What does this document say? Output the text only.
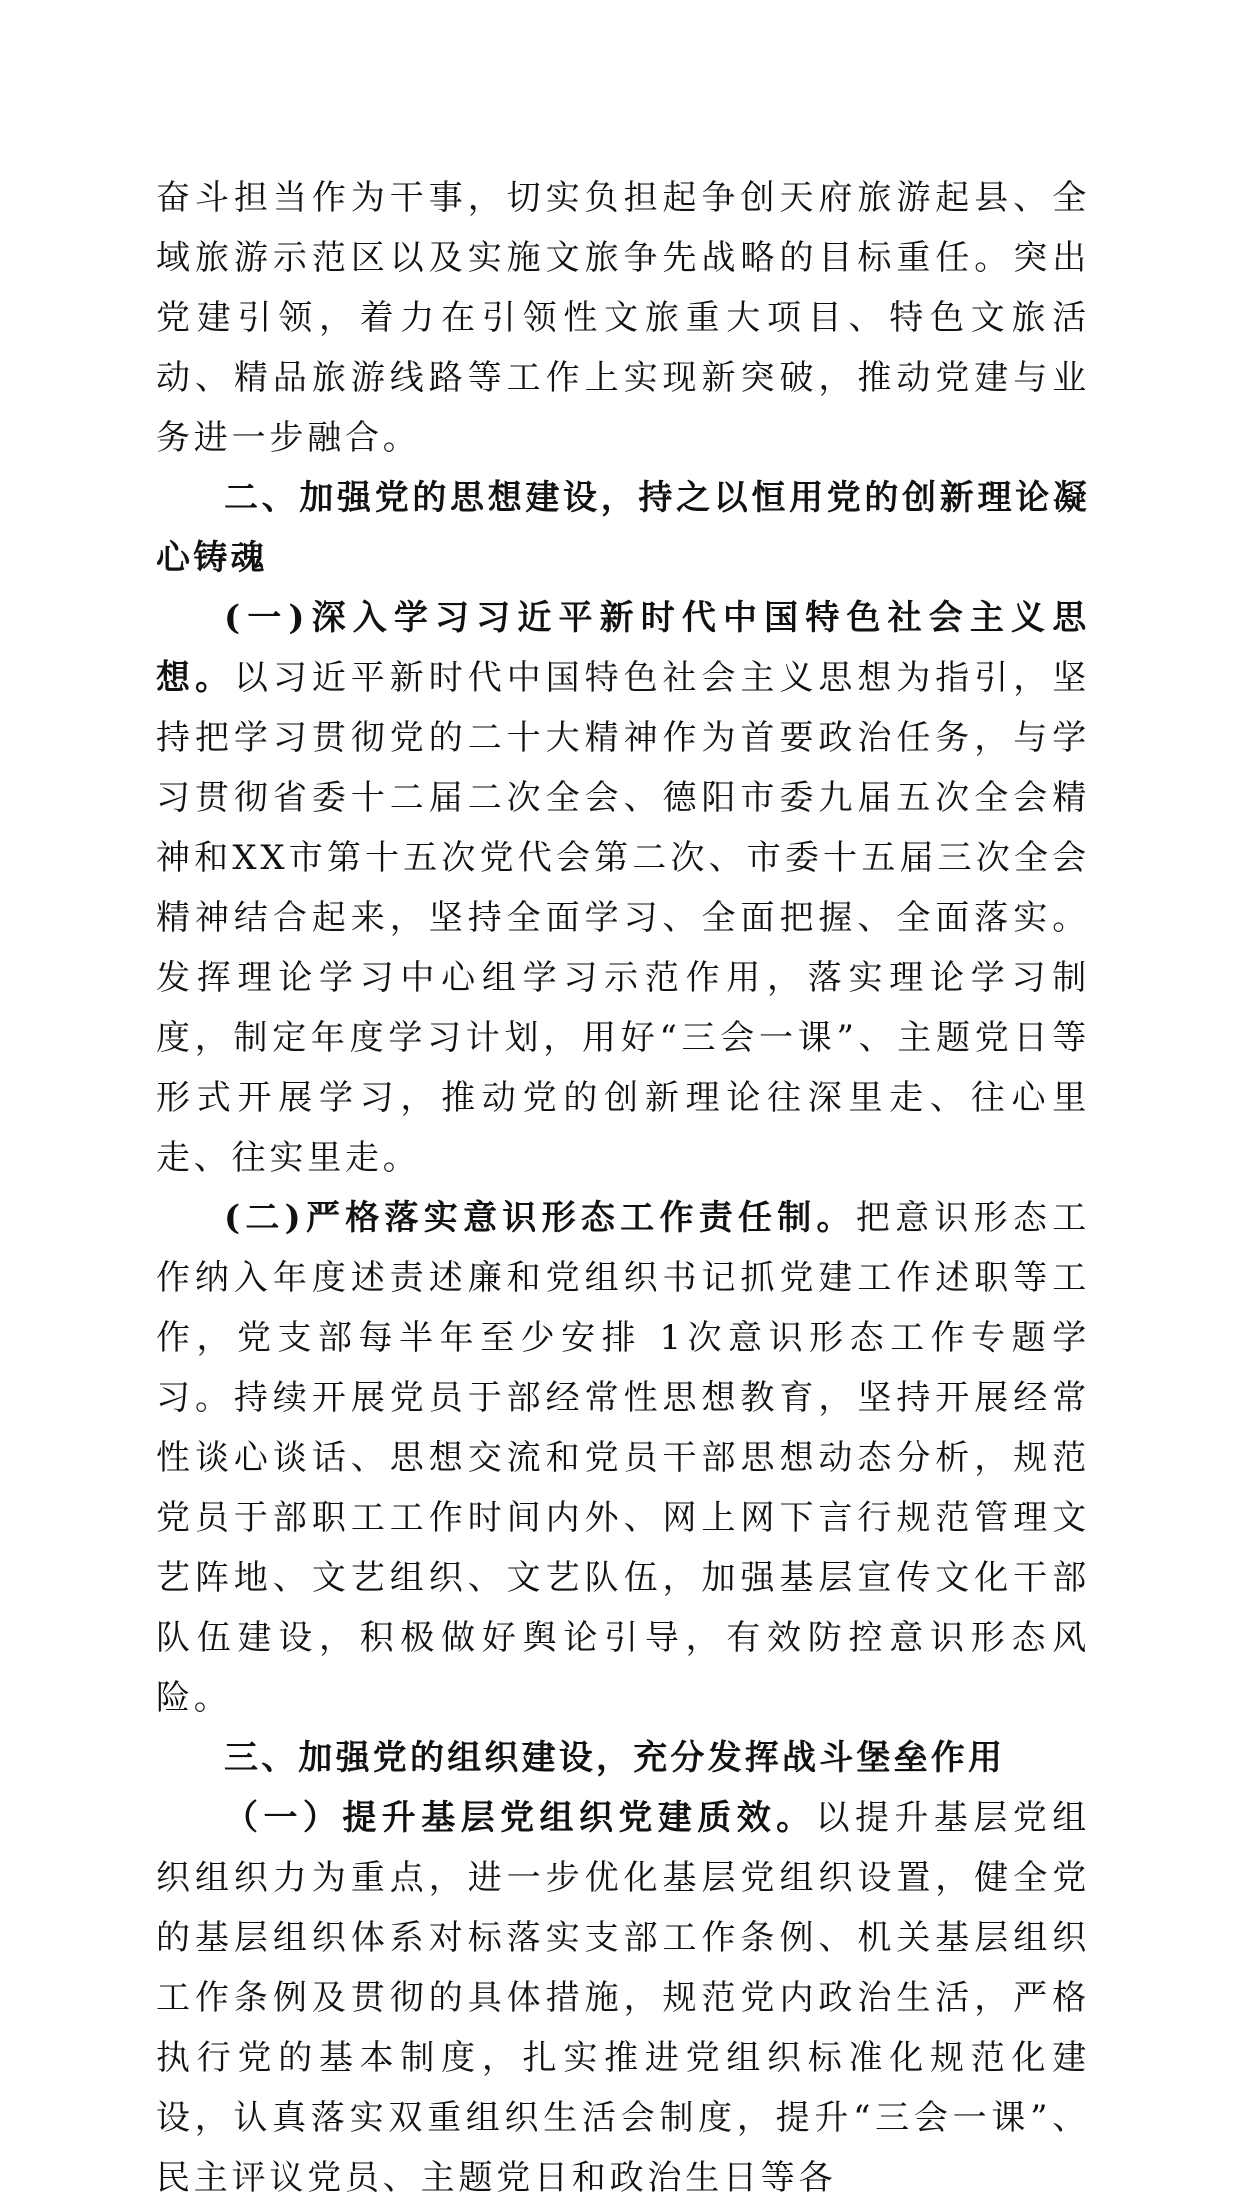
奋斗担当作为干事，切实负担起争创天府旅游起县、全域旅游示范区以及实施文旅争先战略的目标重任。突出党建引领，着力在引领性文旅重大项目、特色文旅活动、精品旅游线路等工作上实现新突破，推动党建与业务进一步融合。

二、加强党的思想建设，持之以恒用党的创新理论凝心铸魂

(一)深入学习习近平新时代中国特色社会主义思想。以习近平新时代中国特色社会主义思想为指引，坚持把学习贯彻党的二十大精神作为首要政治任务，与学习贯彻省委十二届二次全会、德阳市委九届五次全会精神和XX市第十五次党代会第二次、市委十五届三次全会精神结合起来，坚持全面学习、全面把握、全面落实。发挥理论学习中心组学习示范作用，落实理论学习制度，制定年度学习计划，用好“三会一课”、主题党日等形式开展学习，推动党的创新理论往深里走、往心里走、往实里走。

(二)严格落实意识形态工作责任制。把意识形态工作纳入年度述责述廉和党组织书记抓党建工作述职等工作，党支部每半年至少安排 1次意识形态工作专题学习。持续开展党员于部经常性思想教育，坚持开展经常性谈心谈话、思想交流和党员干部思想动态分析，规范党员于部职工工作时间内外、网上网下言行规范管理文艺阵地、文艺组织、文艺队伍，加强基层宣传文化干部队伍建设，积极做好舆论引导，有效防控意识形态风险。

三、加强党的组织建设，充分发挥战斗堡垒作用

（一）提升基层党组织党建质效。以提升基层党组织组织力为重点，进一步优化基层党组织设置，健全党的基层组织体系对标落实支部工作条例、机关基层组织工作条例及贯彻的具体措施，规范党内政治生活，严格执行党的基本制度，扎实推进党组织标准化规范化建设，认真落实双重组织生活会制度，提升“三会一课”、民主评议党员、主题党日和政治生日等各
